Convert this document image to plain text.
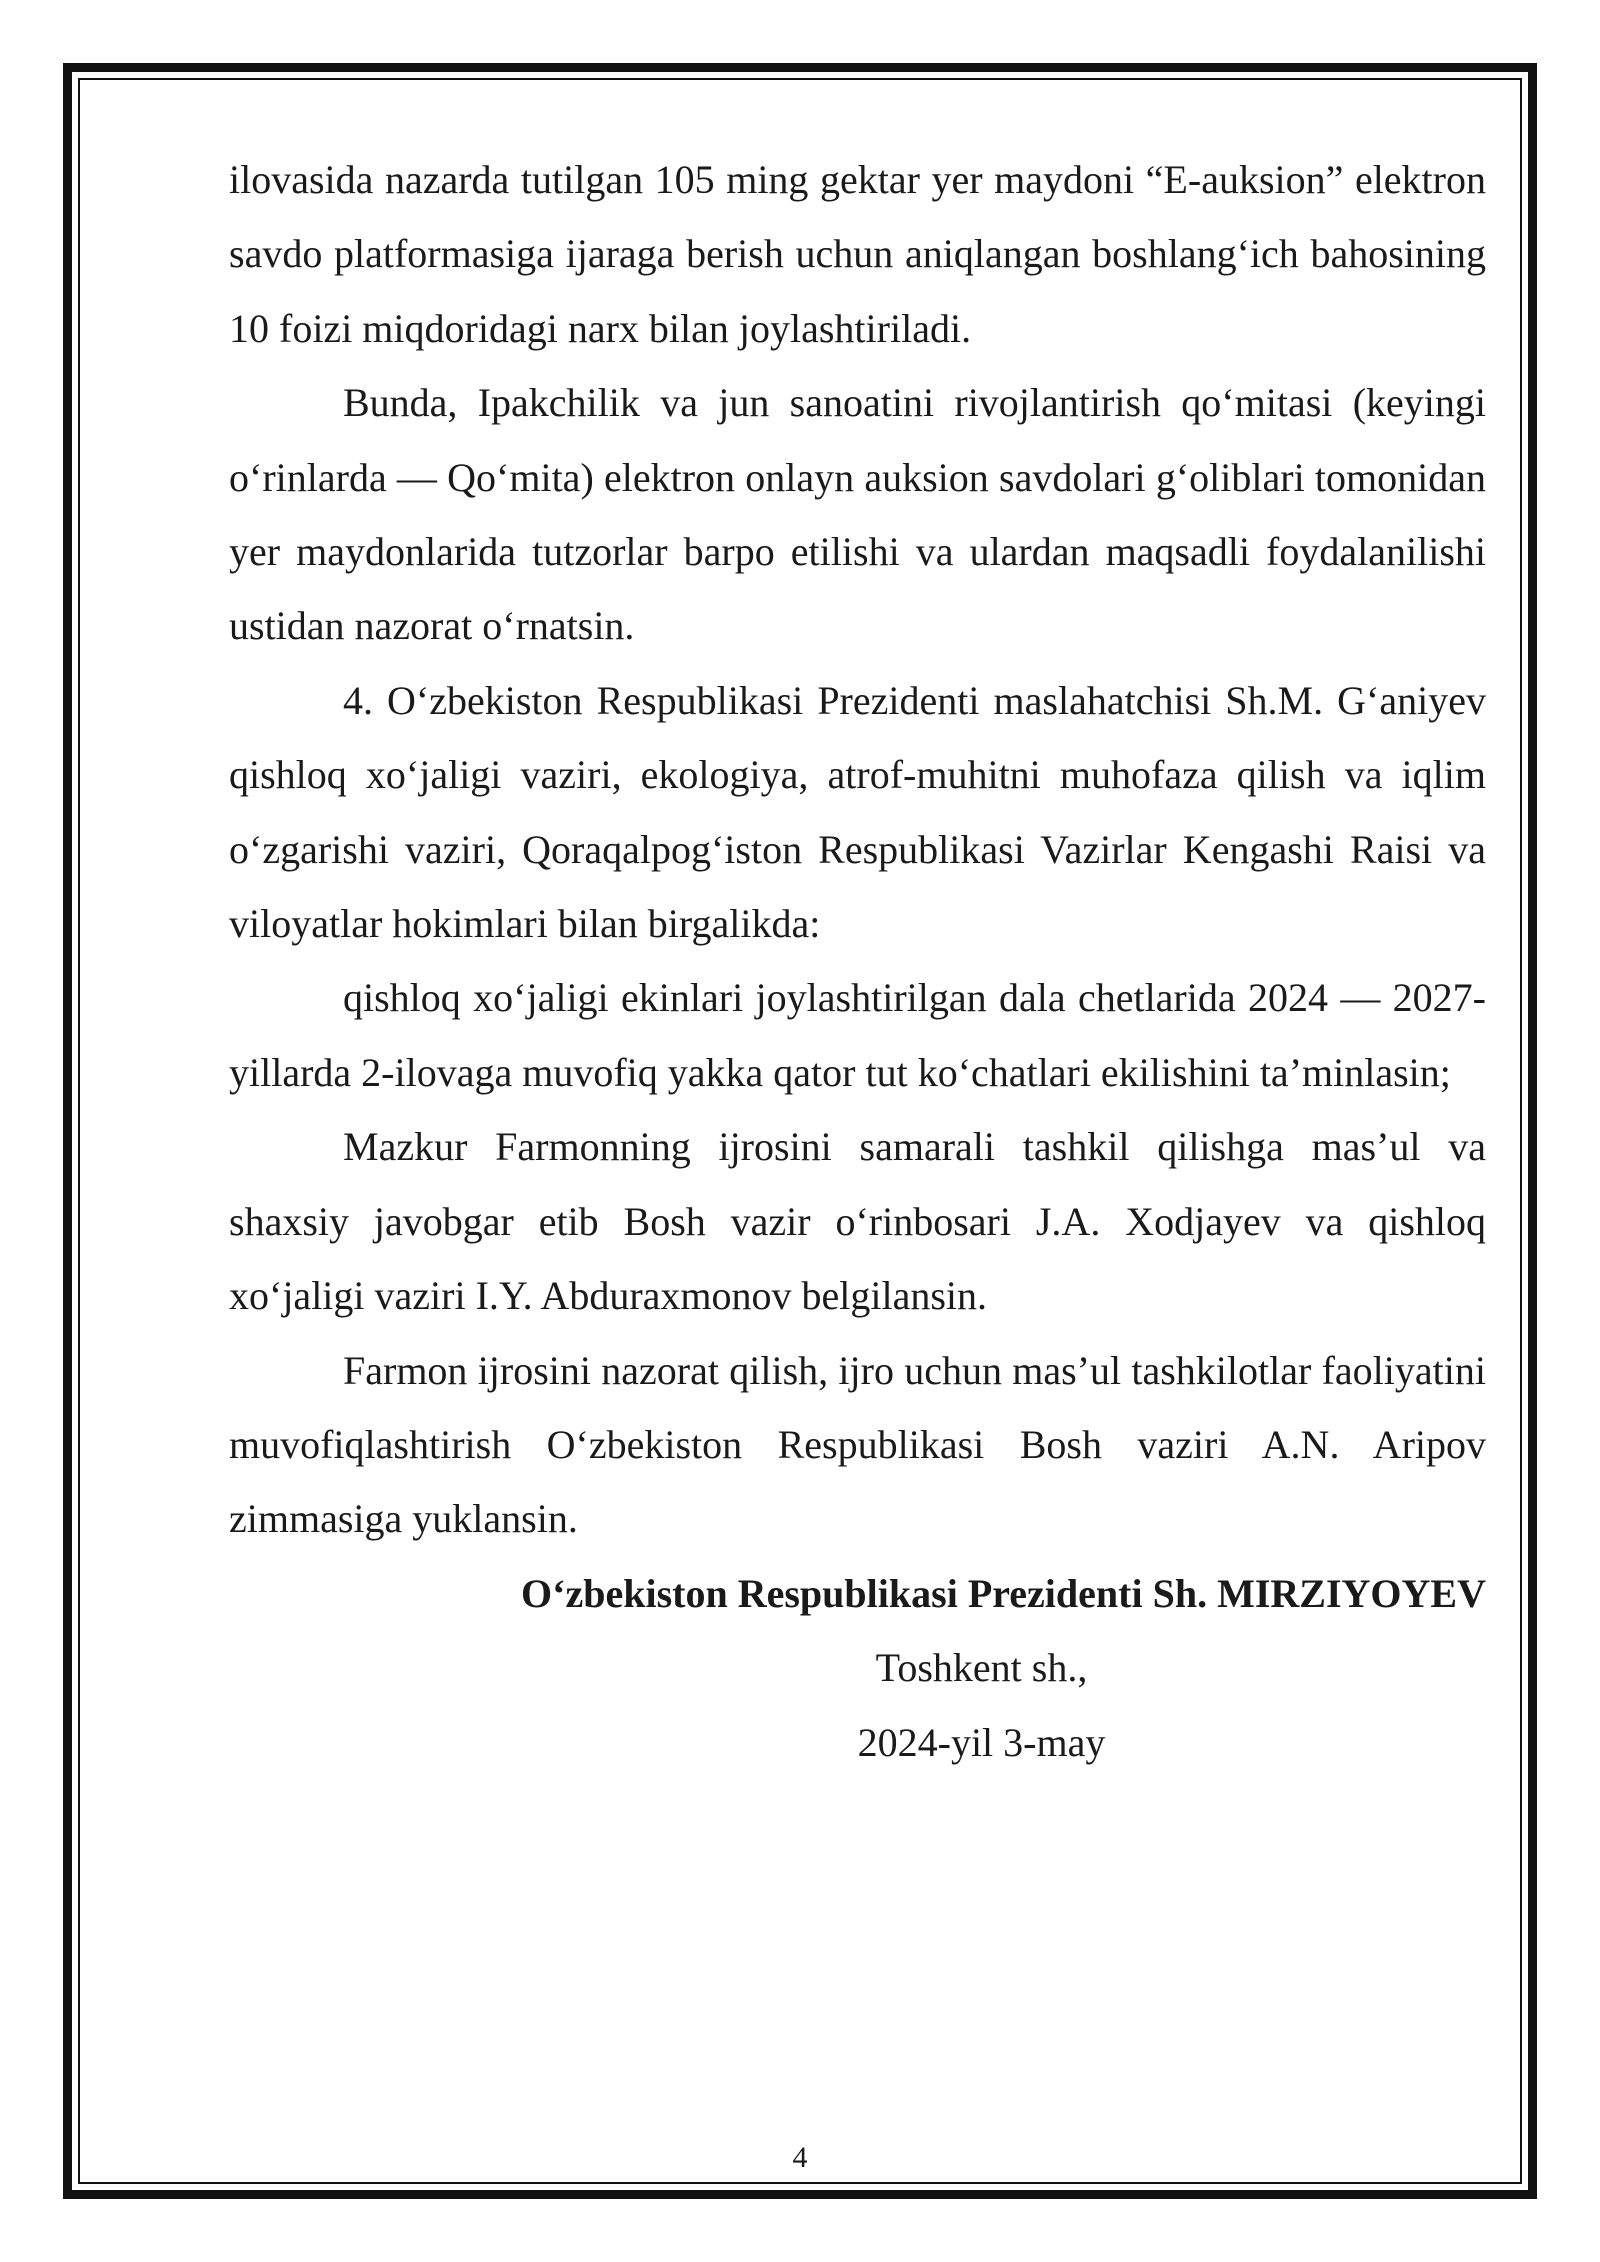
ilovasida nazarda tutilgan 105 ming gektar yer maydoni “E-auksion” elektron savdo platformasiga ijaraga berish uchun aniqlangan boshlang‘ich bahosining 10 foizi miqdoridagi narx bilan joylashtiriladi.

Bunda, Ipakchilik va jun sanoatini rivojlantirish qo‘mitasi (keyingi o‘rinlarda — Qo‘mita) elektron onlayn auksion savdolari g‘oliblari tomonidan yer maydonlarida tutzorlar barpo etilishi va ulardan maqsadli foydalanilishi ustidan nazorat o‘rnatsin.

4. O‘zbekiston Respublikasi Prezidenti maslahatchisi Sh.M. G‘aniyev qishloq xo‘jaligi vaziri, ekologiya, atrof-muhitni muhofaza qilish va iqlim o‘zgarishi vaziri, Qoraqalpog‘iston Respublikasi Vazirlar Kengashi Raisi va viloyatlar hokimlari bilan birgalikda:

qishloq xo‘jaligi ekinlari joylashtirilgan dala chetlarida 2024 — 2027-yillarda 2-ilovaga muvofiq yakka qator tut ko‘chatlari ekilishini ta’minlasin;

Mazkur Farmonning ijrosini samarali tashkil qilishga mas’ul va shaxsiy javobgar etib Bosh vazir o‘rinbosari J.A. Xodjayev va qishloq xo‘jaligi vaziri I.Y. Abduraxmonov belgilansin.

Farmon ijrosini nazorat qilish, ijro uchun mas’ul tashkilotlar faoliyatini muvofiqlashtirish O‘zbekiston Respublikasi Bosh vaziri A.N. Aripov zimmasiga yuklansin.

O‘zbekiston Respublikasi Prezidenti Sh. MIRZIYOYEV

Toshkent sh.,

2024-yil 3-may

4
